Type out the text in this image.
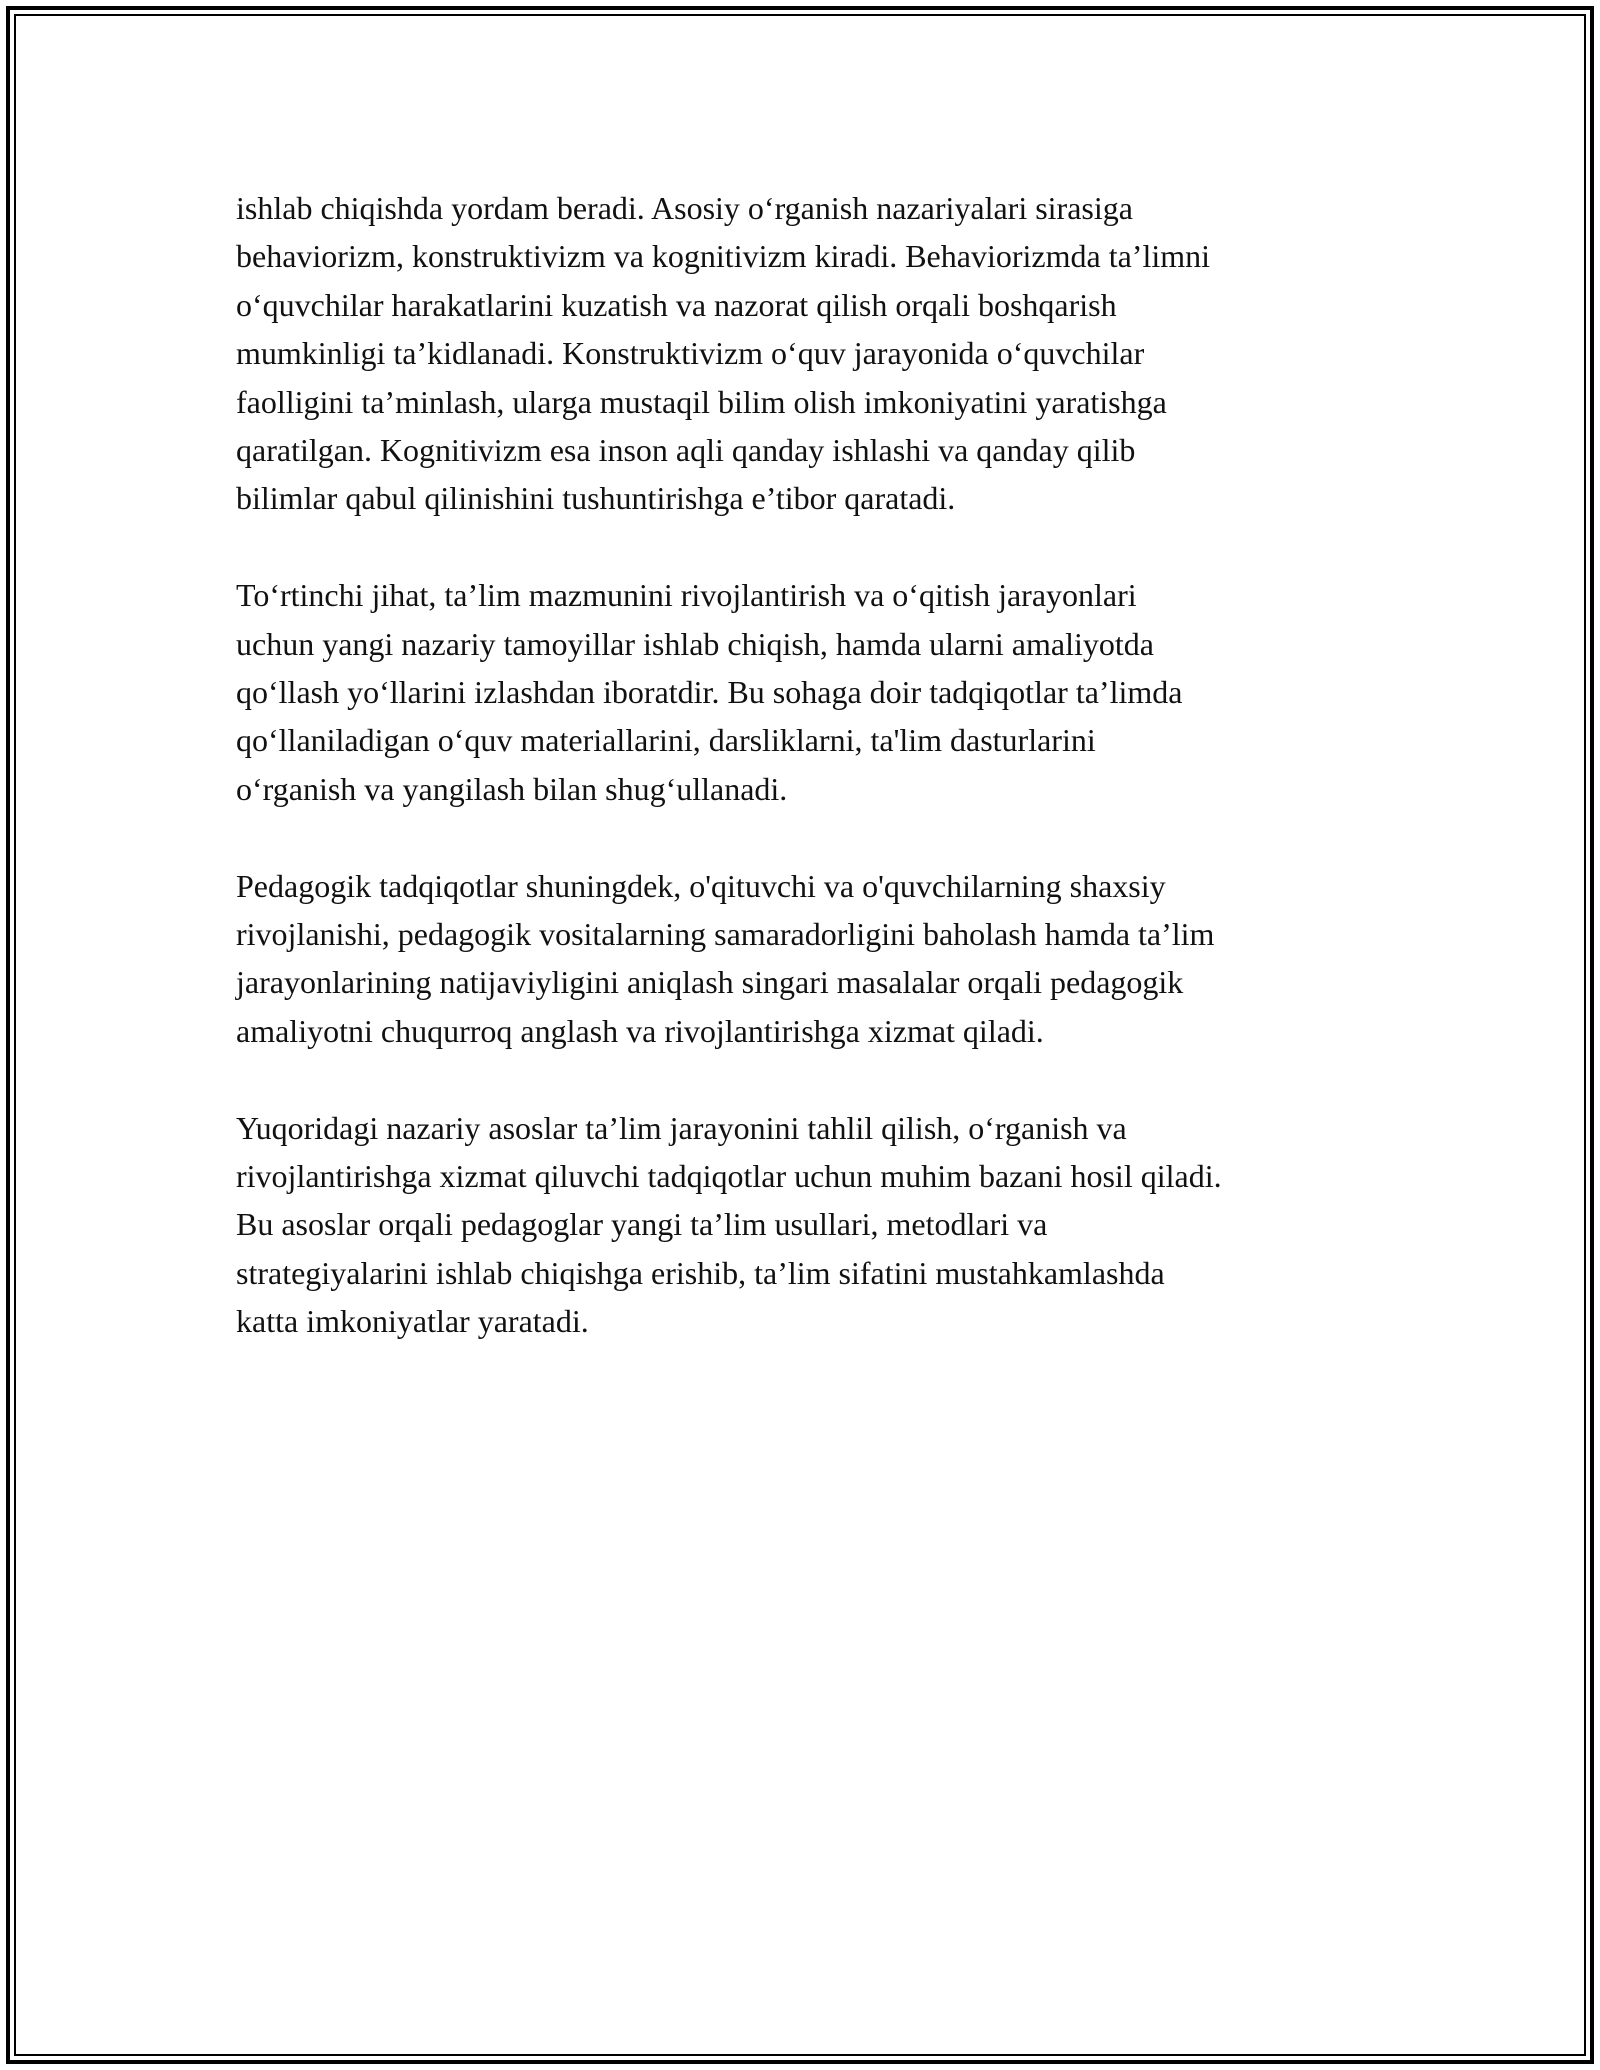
ishlab chiqishda yordam beradi. Asosiy o‘rganish nazariyalari sirasiga
behaviorizm, konstruktivizm va kognitivizm kiradi. Behaviorizmda ta’limni
o‘quvchilar harakatlarini kuzatish va nazorat qilish orqali boshqarish
mumkinligi ta’kidlanadi. Konstruktivizm o‘quv jarayonida o‘quvchilar
faolligini ta’minlash, ularga mustaqil bilim olish imkoniyatini yaratishga
qaratilgan. Kognitivizm esa inson aqli qanday ishlashi va qanday qilib
bilimlar qabul qilinishini tushuntirishga e’tibor qaratadi.

To‘rtinchi jihat, ta’lim mazmunini rivojlantirish va o‘qitish jarayonlari
uchun yangi nazariy tamoyillar ishlab chiqish, hamda ularni amaliyotda
qo‘llash yo‘llarini izlashdan iboratdir. Bu sohaga doir tadqiqotlar ta’limda
qo‘llaniladigan o‘quv materiallarini, darsliklarni, ta'lim dasturlarini
o‘rganish va yangilash bilan shug‘ullanadi.

Pedagogik tadqiqotlar shuningdek, o'qituvchi va o'quvchilarning shaxsiy
rivojlanishi, pedagogik vositalarning samaradorligini baholash hamda ta’lim
jarayonlarining natijaviyligini aniqlash singari masalalar orqali pedagogik
amaliyotni chuqurroq anglash va rivojlantirishga xizmat qiladi.

Yuqoridagi nazariy asoslar ta’lim jarayonini tahlil qilish, o‘rganish va
rivojlantirishga xizmat qiluvchi tadqiqotlar uchun muhim bazani hosil qiladi.
Bu asoslar orqali pedagoglar yangi ta’lim usullari, metodlari va
strategiyalarini ishlab chiqishga erishib, ta’lim sifatini mustahkamlashda
katta imkoniyatlar yaratadi.
